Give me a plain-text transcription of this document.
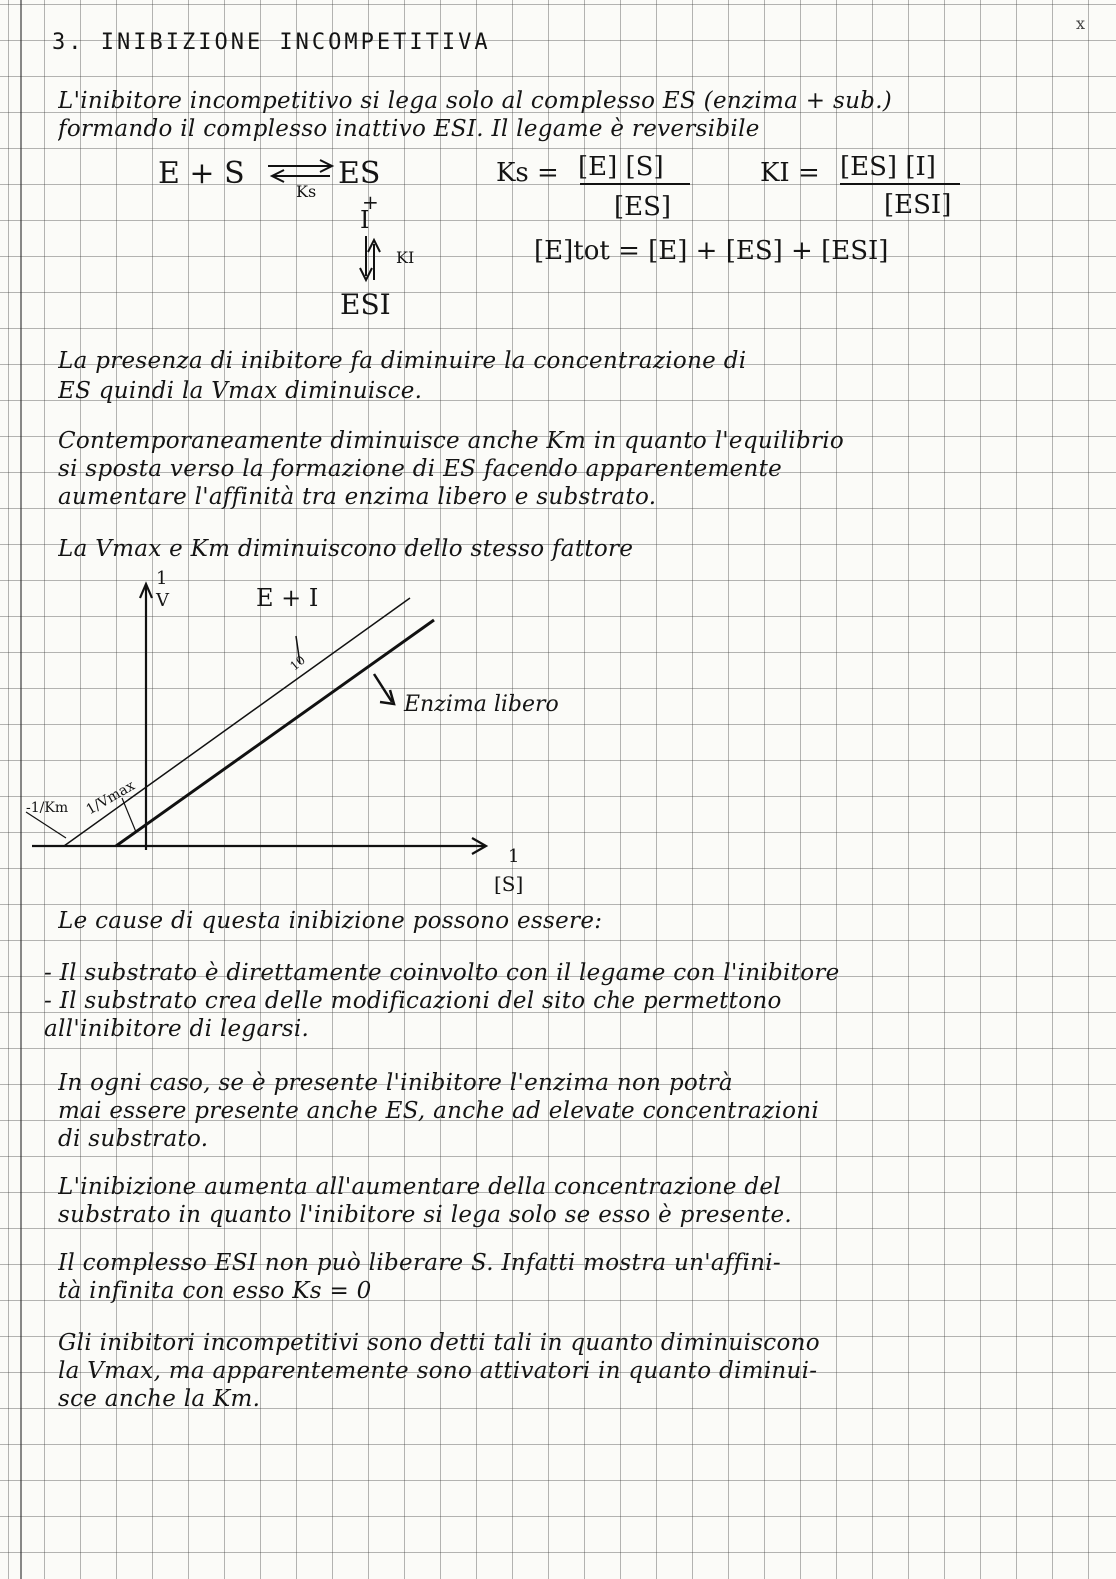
x
3. INIBIZIONE INCOMPETITIVA
L'inibitore incompetitivo si lega solo al complesso ES (enzima + sub.)
formando il complesso inattivo ESI. Il legame è reversibile
E + S	ES
Ks +
I
KI
ESI
Ks = [E] [S]
[ES]
KI = [ES] [I]
[ESI]
[E]tot = [E] + [ES] + [ESI]
La presenza di inibitore fa diminuire la concentrazione di
ES quindi la Vmax diminuisce.
Contemporaneamente diminuisce anche Km in quanto l'equilibrio
si sposta verso la formazione di ES facendo apparentemente
aumentare l'affinità tra enzima libero e substrato.
La Vmax e Km diminuiscono dello stesso fattore
1
V
1
[S]
E + I
Enzima libero
1/Vmax
-1/Km
10
Le cause di questa inibizione possono essere:
- Il substrato è direttamente coinvolto con il legame con l'inibitore
- Il substrato crea delle modificazioni del sito che permettono
all'inibitore di legarsi.
In ogni caso, se è presente l'inibitore l'enzima non potrà
mai essere presente anche ES, anche ad elevate concentrazioni
di substrato.
L'inibizione aumenta all'aumentare della concentrazione del
substrato in quanto l'inibitore si lega solo se esso è presente.
Il complesso ESI non può liberare S. Infatti mostra un'affini-
tà infinita con esso Ks = 0
Gli inibitori incompetitivi sono detti tali in quanto diminuiscono
la Vmax, ma apparentemente sono attivatori in quanto diminui-
sce anche la Km.
